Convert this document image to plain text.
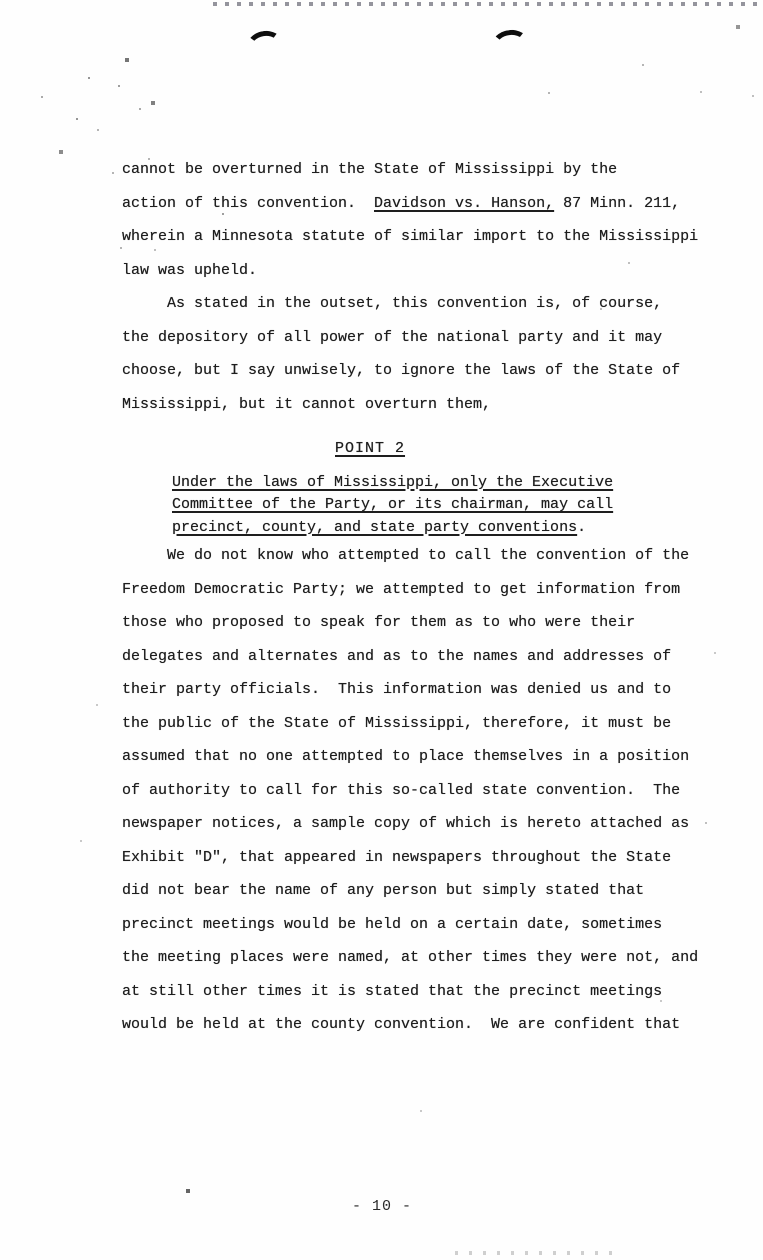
cannot be overturned in the State of Mississippi by the
action of this convention.  Davidson vs. Hanson, 87 Minn. 211,
wherein a Minnesota statute of similar import to the Mississippi
law was upheld.
As stated in the outset, this convention is, of course,
the depository of all power of the national party and it may
choose, but I say unwisely, to ignore the laws of the State of
Mississippi, but it cannot overturn them,
POINT 2
Under the laws of Mississippi, only the Executive
Committee of the Party, or its chairman, may call
precinct, county, and state party conventions.
We do not know who attempted to call the convention of the
Freedom Democratic Party; we attempted to get information from
those who proposed to speak for them as to who were their
delegates and alternates and as to the names and addresses of
their party officials.  This information was denied us and to
the public of the State of Mississippi, therefore, it must be
assumed that no one attempted to place themselves in a position
of authority to call for this so-called state convention.  The
newspaper notices, a sample copy of which is hereto attached as
Exhibit "D", that appeared in newspapers throughout the State
did not bear the name of any person but simply stated that
precinct meetings would be held on a certain date, sometimes
the meeting places were named, at other times they were not, and
at still other times it is stated that the precinct meetings
would be held at the county convention.  We are confident that
- 10 -
